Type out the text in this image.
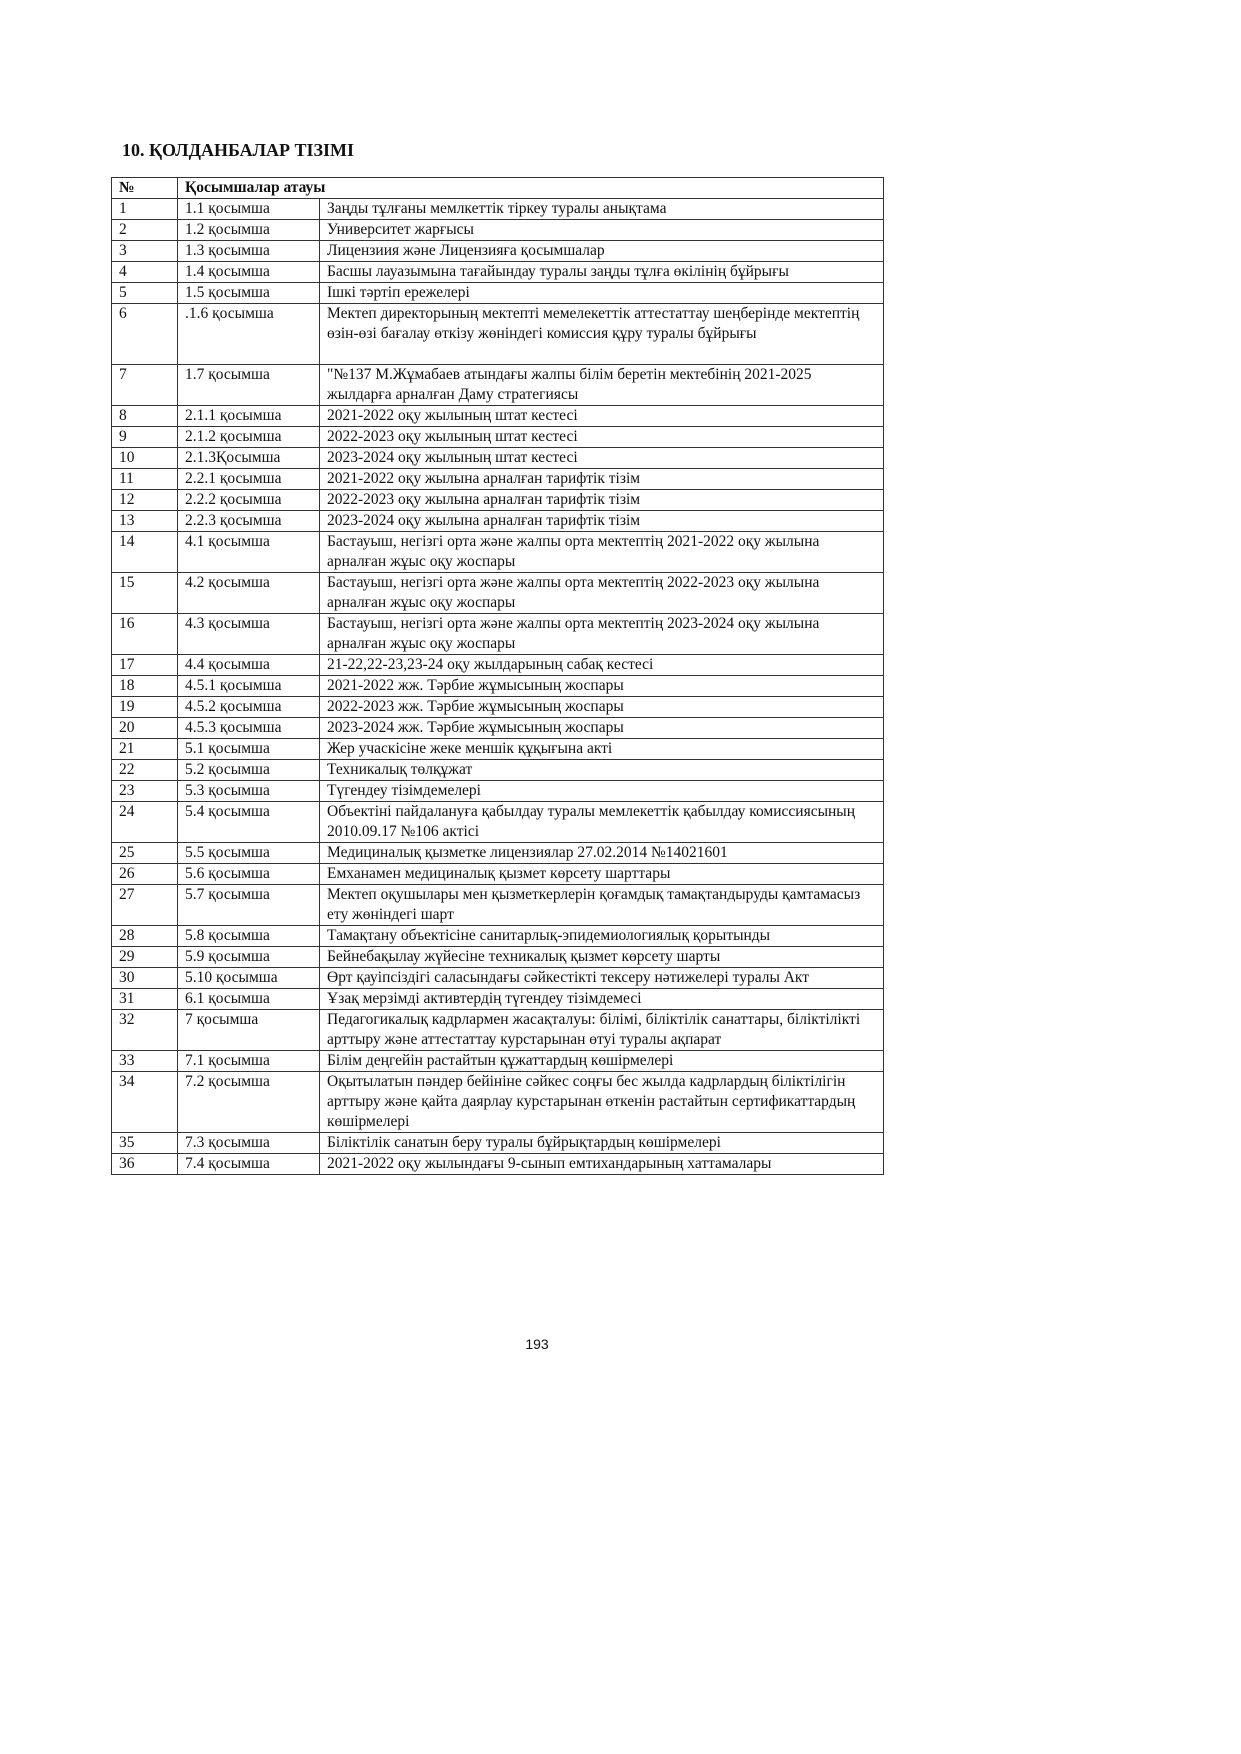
10. ҚОЛДАНБАЛАР ТІЗІМІ
№	Қосымшалар атауы	
1	1.1 қосымша	Заңды тұлғаны мемлкеттік тіркеу туралы анықтама
2	1.2 қосымша	Университет жарғысы
3	1.3 қосымша	Лицензиия және Лицензияға қосымшалар
4	1.4 қосымша	Басшы лауазымына тағайындау туралы заңды тұлға өкілінің бұйрығы
5	1.5 қосымша	Ішкі тәртіп ережелері
6	.1.6 қосымша	Мектеп директорының мектепті мемелекеттік аттестаттау шеңберінде мектептің өзін-өзі бағалау өткізу жөніндегі комиссия құру туралы бұйрығы
7	1.7 қосымша	"№137 М.Жұмабаев атындағы жалпы білім беретін мектебінің 2021-2025 жылдарға арналған Даму стратегиясы
8	2.1.1 қосымша	2021-2022 оқу жылының штат кестесі
9	2.1.2 қосымша	2022-2023 оқу жылының штат кестесі
10	2.1.3Қосымша	2023-2024 оқу жылының штат кестесі
11	2.2.1 қосымша	2021-2022 оқу жылына арналған тарифтік тізім
12	2.2.2 қосымша	2022-2023 оқу жылына арналған тарифтік тізім
13	2.2.3 қосымша	2023-2024 оқу жылына арналған тарифтік тізім
14	4.1 қосымша	Бастауыш, негізгі орта және жалпы орта мектептің 2021-2022 оқу жылына арналған жұыс оқу жоспары
15	4.2 қосымша	Бастауыш, негізгі орта және жалпы орта мектептің 2022-2023 оқу жылына арналған жұыс оқу жоспары
16	4.3 қосымша	Бастауыш, негізгі орта және жалпы орта мектептің 2023-2024 оқу жылына арналған жұыс оқу жоспары
17	4.4 қосымша	21-22,22-23,23-24 оқу жылдарының сабақ кестесі
18	4.5.1 қосымша	2021-2022 жж. Тәрбие жұмысының жоспары
19	4.5.2 қосымша	2022-2023 жж. Тәрбие жұмысының жоспары
20	4.5.3 қосымша	2023-2024 жж. Тәрбие жұмысының жоспары
21	5.1 қосымша	Жер учаскісіне жеке меншік құқығына акті
22	5.2 қосымша	Техникалық төлқұжат
23	5.3 қосымша	Түгендеу тізімдемелері
24	5.4 қосымша	Объектіні пайдалануға қабылдау туралы мемлекеттік қабылдау комиссиясының 2010.09.17 №106 актісі
25	5.5 қосымша	Медициналық қызметке лицензиялар 27.02.2014 №14021601
26	5.6 қосымша	Емханамен медициналық қызмет көрсету шарттары
27	5.7 қосымша	Мектеп оқушылары мен қызметкерлерін қоғамдық тамақтандыруды қамтамасыз ету жөніндегі шарт
28	5.8 қосымша	Тамақтану объектісіне санитарлық-эпидемиологиялық қорытынды
29	5.9 қосымша	Бейнебақылау жүйесіне техникалық қызмет көрсету шарты
30	5.10 қосымша	Өрт қауіпсіздігі саласындағы сәйкестікті тексеру нәтижелері туралы Акт
31	6.1 қосымша	Ұзақ мерзімді активтердің түгендеу тізімдемесі
32	7 қосымша	Педагогикалық кадрлармен жасақталуы: білімі, біліктілік санаттары, біліктілікті арттыру және аттестаттау курстарынан өтуі туралы ақпарат
33	7.1 қосымша	Білім деңгейін растайтын құжаттардың көшірмелері
34	7.2 қосымша	Оқытылатын пәндер бейініне сәйкес соңғы бес жылда кадрлардың біліктілігін арттыру және қайта даярлау курстарынан өткенін растайтын сертификаттардың көшірмелері
35	7.3 қосымша	Біліктілік санатын беру туралы бұйрықтардың көшірмелері
36	7.4 қосымша	2021-2022 оқу жылындағы 9-сынып емтихандарының хаттамалары
193
